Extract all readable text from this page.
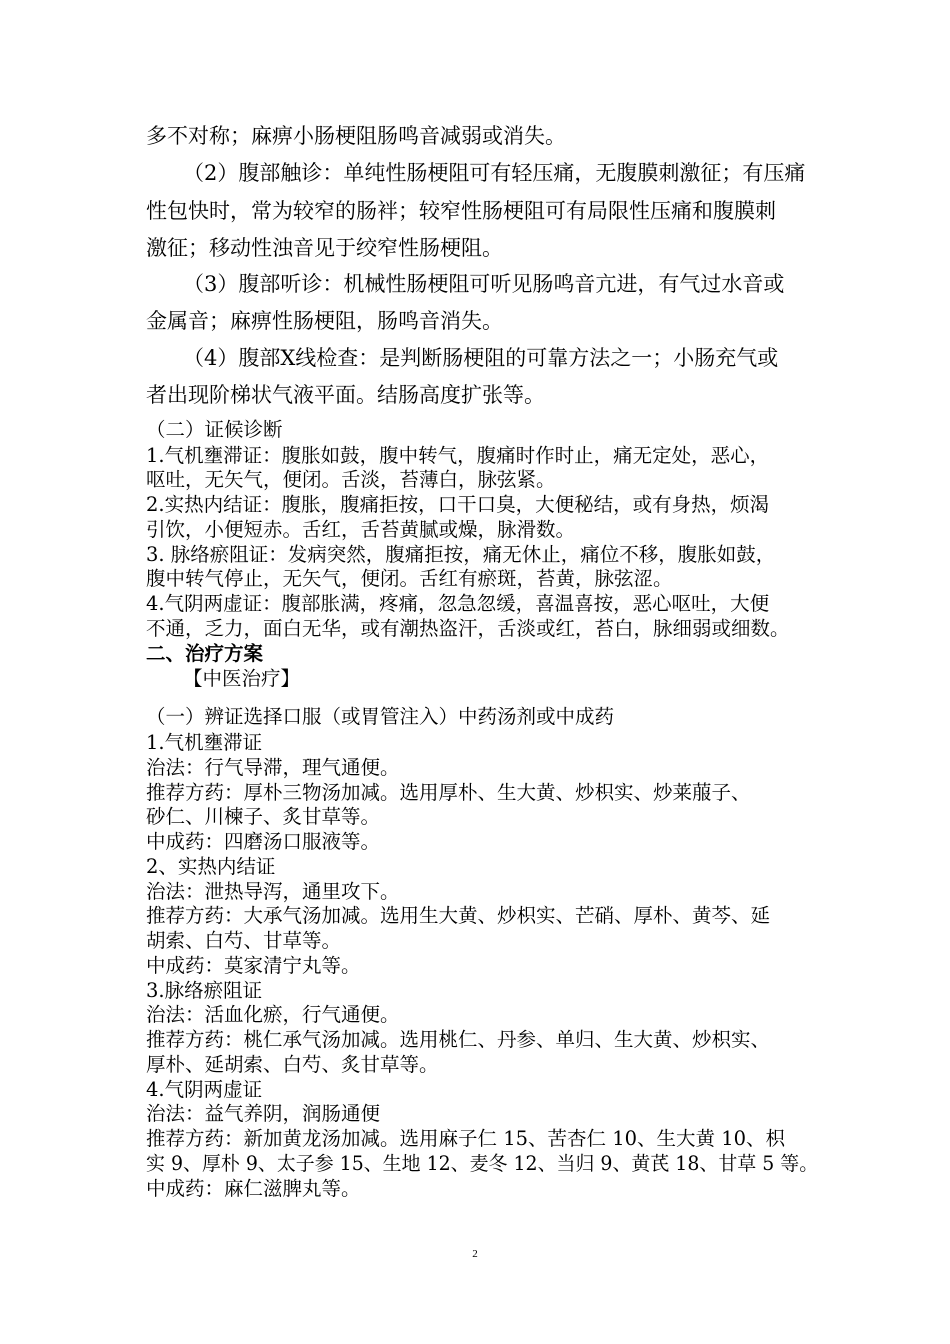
多不对称；麻痹小肠梗阻肠鸣音减弱或消失。
（2）腹部触诊：单纯性肠梗阻可有轻压痛，无腹膜刺激征；有压痛
性包快时，常为较窄的肠袢；较窄性肠梗阻可有局限性压痛和腹膜刺
激征；移动性浊音见于绞窄性肠梗阻。
（3）腹部听诊：机械性肠梗阻可听见肠鸣音亢进，有气过水音或
金属音；麻痹性肠梗阻，肠鸣音消失。
（4）腹部X线检查：是判断肠梗阻的可靠方法之一；小肠充气或
者出现阶梯状气液平面。结肠高度扩张等。
（二）证候诊断
1.气机壅滞证：腹胀如鼓，腹中转气，腹痛时作时止，痛无定处，恶心，
呕吐，无矢气，便闭。舌淡，苔薄白，脉弦紧。
2.实热内结证：腹胀，腹痛拒按，口干口臭，大便秘结，或有身热，烦渴
引饮，小便短赤。舌红，舌苔黄腻或燥，脉滑数。
3. 脉络瘀阻证：发病突然，腹痛拒按，痛无休止，痛位不移，腹胀如鼓，
腹中转气停止，无矢气，便闭。舌红有瘀斑，苔黄，脉弦涩。
4.气阴两虚证：腹部胀满，疼痛，忽急忽缓，喜温喜按，恶心呕吐，大便
不通，乏力，面白无华，或有潮热盗汗，舌淡或红，苔白，脉细弱或细数。
二、治疗方案
【中医治疗】
（一）辨证选择口服（或胃管注入）中药汤剂或中成药
1.气机壅滞证
治法：行气导滞，理气通便。
推荐方药：厚朴三物汤加减。选用厚朴、生大黄、炒枳实、炒莱菔子、
砂仁、川楝子、炙甘草等。
中成药：四磨汤口服液等。
2、实热内结证
治法：泄热导泻，通里攻下。
推荐方药：大承气汤加减。选用生大黄、炒枳实、芒硝、厚朴、黄芩、延
胡索、白芍、甘草等。
中成药：莫家清宁丸等。
3.脉络瘀阻证
治法：活血化瘀，行气通便。
推荐方药：桃仁承气汤加减。选用桃仁、丹参、单归、生大黄、炒枳实、
厚朴、延胡索、白芍、炙甘草等。
4.气阴两虚证
治法：益气养阴，润肠通便
推荐方药：新加黄龙汤加减。选用麻子仁 15、苦杏仁 10、生大黄 10、枳
实 9、厚朴 9、太子参 15、生地 12、麦冬 12、当归 9、黄芪 18、甘草 5 等。
中成药：麻仁滋脾丸等。
2
